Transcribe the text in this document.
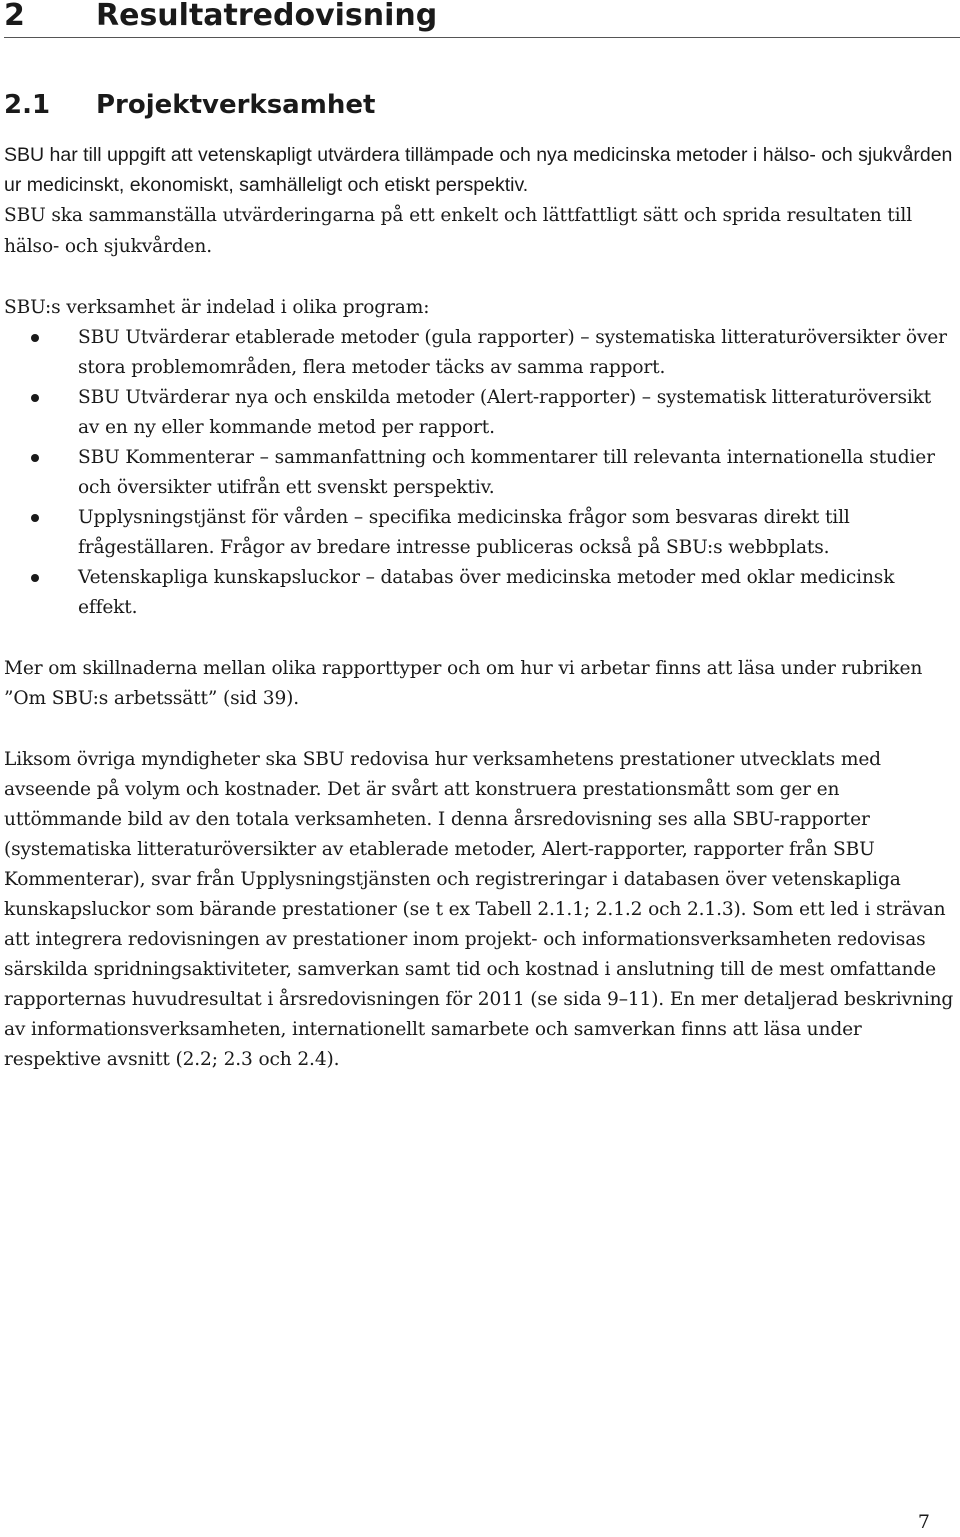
2 Resultatredovisning
2.1 Projektverksamhet

SBU har till uppgift att vetenskapligt utvärdera tillämpade och nya medicinska metoder i hälso- och sjukvården ur medicinskt, ekonomiskt, samhälleligt och etiskt perspektiv.
SBU ska sammanställa utvärderingarna på ett enkelt och lättfattligt sätt och sprida resultaten till hälso- och sjukvården.

SBU:s verksamhet är indelad i olika program:

SBU Utvärderar etablerade metoder (gula rapporter) – systematiska litteraturöversikter över stora problemområden, flera metoder täcks av samma rapport.
SBU Utvärderar nya och enskilda metoder (Alert-rapporter) – systematisk litteraturöversikt av en ny eller kommande metod per rapport.
SBU Kommenterar – sammanfattning och kommentarer till relevanta internationella studier och översikter utifrån ett svenskt perspektiv.
Upplysningstjänst för vården – specifika medicinska frågor som besvaras direkt till frågeställaren. Frågor av bredare intresse publiceras också på SBU:s webbplats.
Vetenskapliga kunskapsluckor – databas över medicinska metoder med oklar medicinsk effekt.

Mer om skillnaderna mellan olika rapporttyper och om hur vi arbetar finns att läsa under rubriken ”Om SBU:s arbetssätt” (sid 39).

Liksom övriga myndigheter ska SBU redovisa hur verksamhetens prestationer utvecklats med avseende på volym och kostnader. Det är svårt att konstruera prestationsmått som ger en uttömmande bild av den totala verksamheten. I denna årsredovisning ses alla SBU-rapporter (systematiska litteraturöversikter av etablerade metoder, Alert-rapporter, rapporter från SBU Kommenterar), svar från Upplysningstjänsten och registreringar i databasen över vetenskapliga kunskapsluckor som bärande prestationer (se t ex Tabell 2.1.1; 2.1.2 och 2.1.3). Som ett led i strävan att integrera redovisningen av prestationer inom projekt- och informationsverksamheten redovisas särskilda spridningsaktiviteter, samverkan samt tid och kostnad i anslutning till de mest omfattande rapporternas huvudresultat i årsredovisningen för 2011 (se sida 9–11). En mer detaljerad beskrivning av informationsverksamheten, internationellt samarbete och samverkan finns att läsa under respektive avsnitt (2.2; 2.3 och 2.4).

7
